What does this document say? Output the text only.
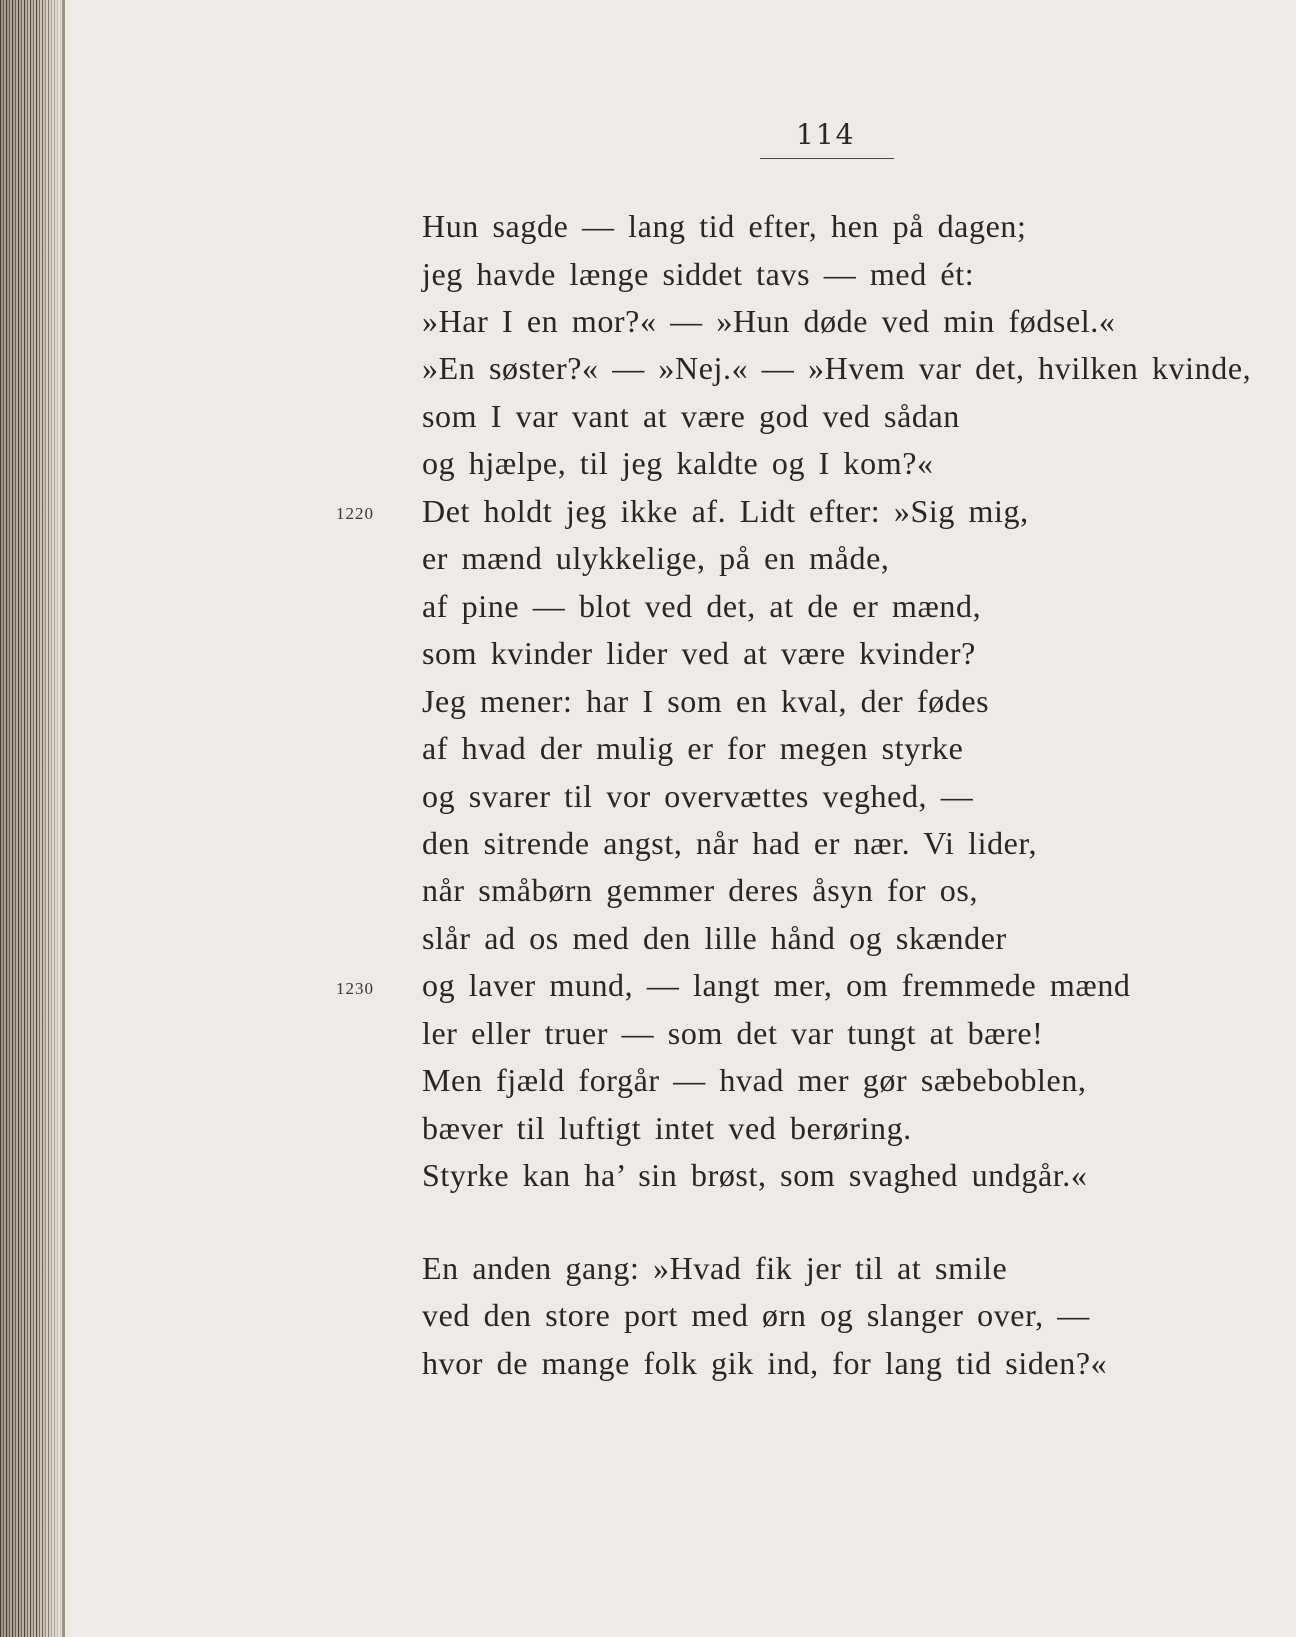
114
Hun sagde — lang tid efter, hen på dagen;
jeg havde længe siddet tavs — med ét:
»Har I en mor?« — »Hun døde ved min fødsel.«
»En søster?« — »Nej.« — »Hvem var det, hvilken kvinde,
som I var vant at være god ved sådan
og hjælpe, til jeg kaldte og I kom?«
1220 Det holdt jeg ikke af. Lidt efter: »Sig mig,
er mænd ulykkelige, på en måde,
af pine — blot ved det, at de er mænd,
som kvinder lider ved at være kvinder?
Jeg mener: har I som en kval, der fødes
af hvad der mulig er for megen styrke
og svarer til vor overvættes veghed, —
den sitrende angst, når had er nær. Vi lider,
når småbørn gemmer deres åsyn for os,
slår ad os med den lille hånd og skænder
1230 og laver mund, — langt mer, om fremmede mænd
ler eller truer — som det var tungt at bære!
Men fjæld forgår — hvad mer gør sæbeboblen,
bæver til luftigt intet ved berøring.
Styrke kan ha’ sin brøst, som svaghed undgår.«
En anden gang: »Hvad fik jer til at smile
ved den store port med ørn og slanger over, —
hvor de mange folk gik ind, for lang tid siden?«
